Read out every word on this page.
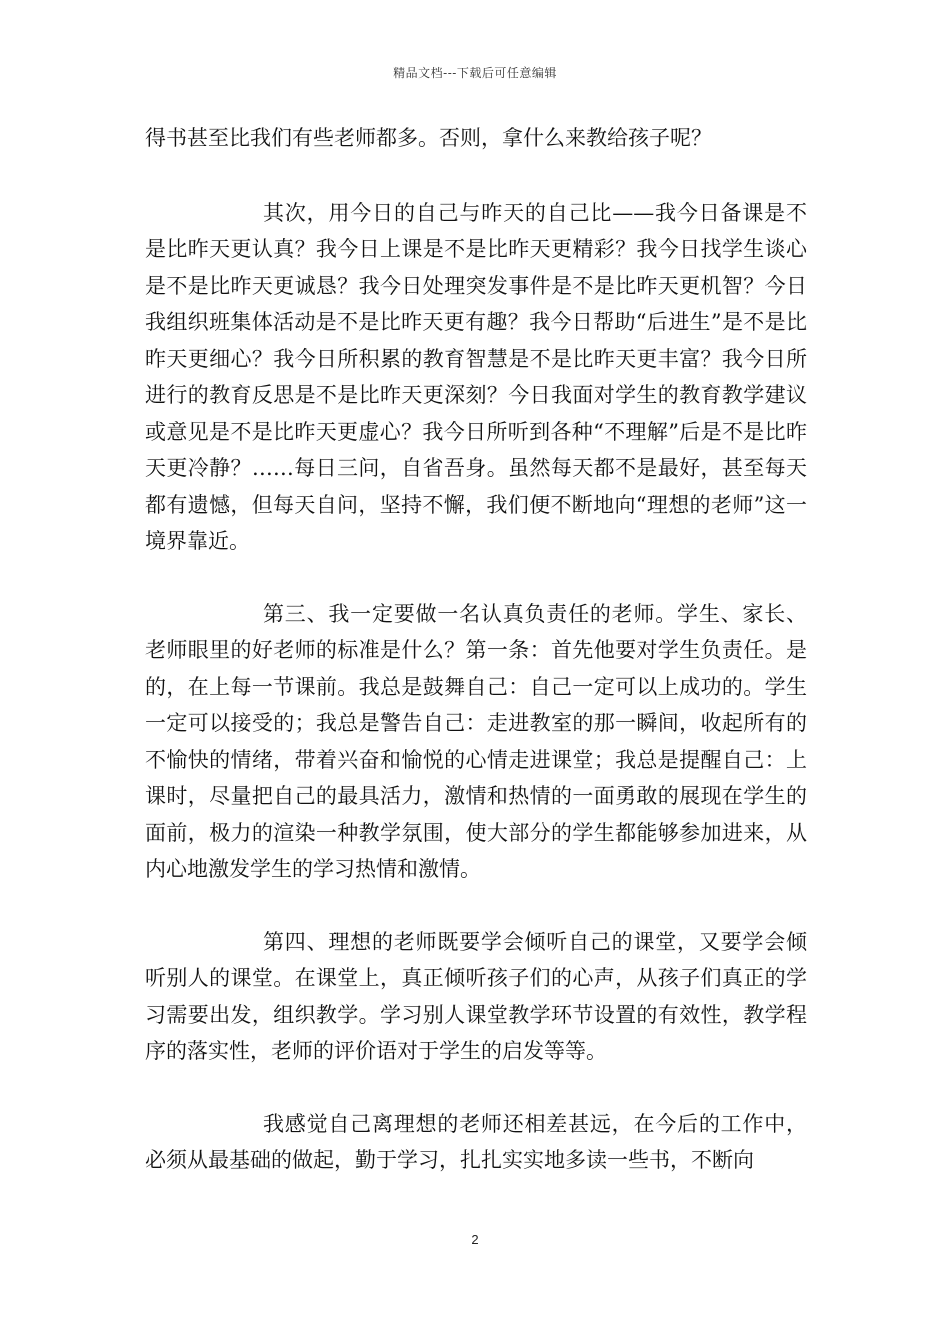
精品文档---下载后可任意编辑

得书甚至比我们有些老师都多。否则，拿什么来教给孩子呢？

其次，用今日的自己与昨天的自己比——我今日备课是不是比昨天更认真？我今日上课是不是比昨天更精彩？我今日找学生谈心是不是比昨天更诚恳？我今日处理突发事件是不是比昨天更机智？今日我组织班集体活动是不是比昨天更有趣？我今日帮助“后进生”是不是比昨天更细心？我今日所积累的教育智慧是不是比昨天更丰富？我今日所进行的教育反思是不是比昨天更深刻？今日我面对学生的教育教学建议或意见是不是比昨天更虚心？我今日所听到各种“不理解”后是不是比昨天更冷静？……每日三问，自省吾身。虽然每天都不是最好，甚至每天都有遗憾，但每天自问，坚持不懈，我们便不断地向“理想的老师”这一境界靠近。

第三、我一定要做一名认真负责任的老师。学生、家长、老师眼里的好老师的标准是什么？第一条：首先他要对学生负责任。是的，在上每一节课前。我总是鼓舞自己：自己一定可以上成功的。学生一定可以接受的；我总是警告自己：走进教室的那一瞬间，收起所有的不愉快的情绪，带着兴奋和愉悦的心情走进课堂；我总是提醒自己：上课时，尽量把自己的最具活力，激情和热情的一面勇敢的展现在学生的面前，极力的渲染一种教学氛围，使大部分的学生都能够参加进来，从内心地激发学生的学习热情和激情。

第四、理想的老师既要学会倾听自己的课堂，又要学会倾听别人的课堂。在课堂上，真正倾听孩子们的心声，从孩子们真正的学习需要出发，组织教学。学习别人课堂教学环节设置的有效性，教学程序的落实性，老师的评价语对于学生的启发等等。

我感觉自己离理想的老师还相差甚远，在今后的工作中，必须从最基础的做起，勤于学习，扎扎实实地多读一些书，不断向

2
